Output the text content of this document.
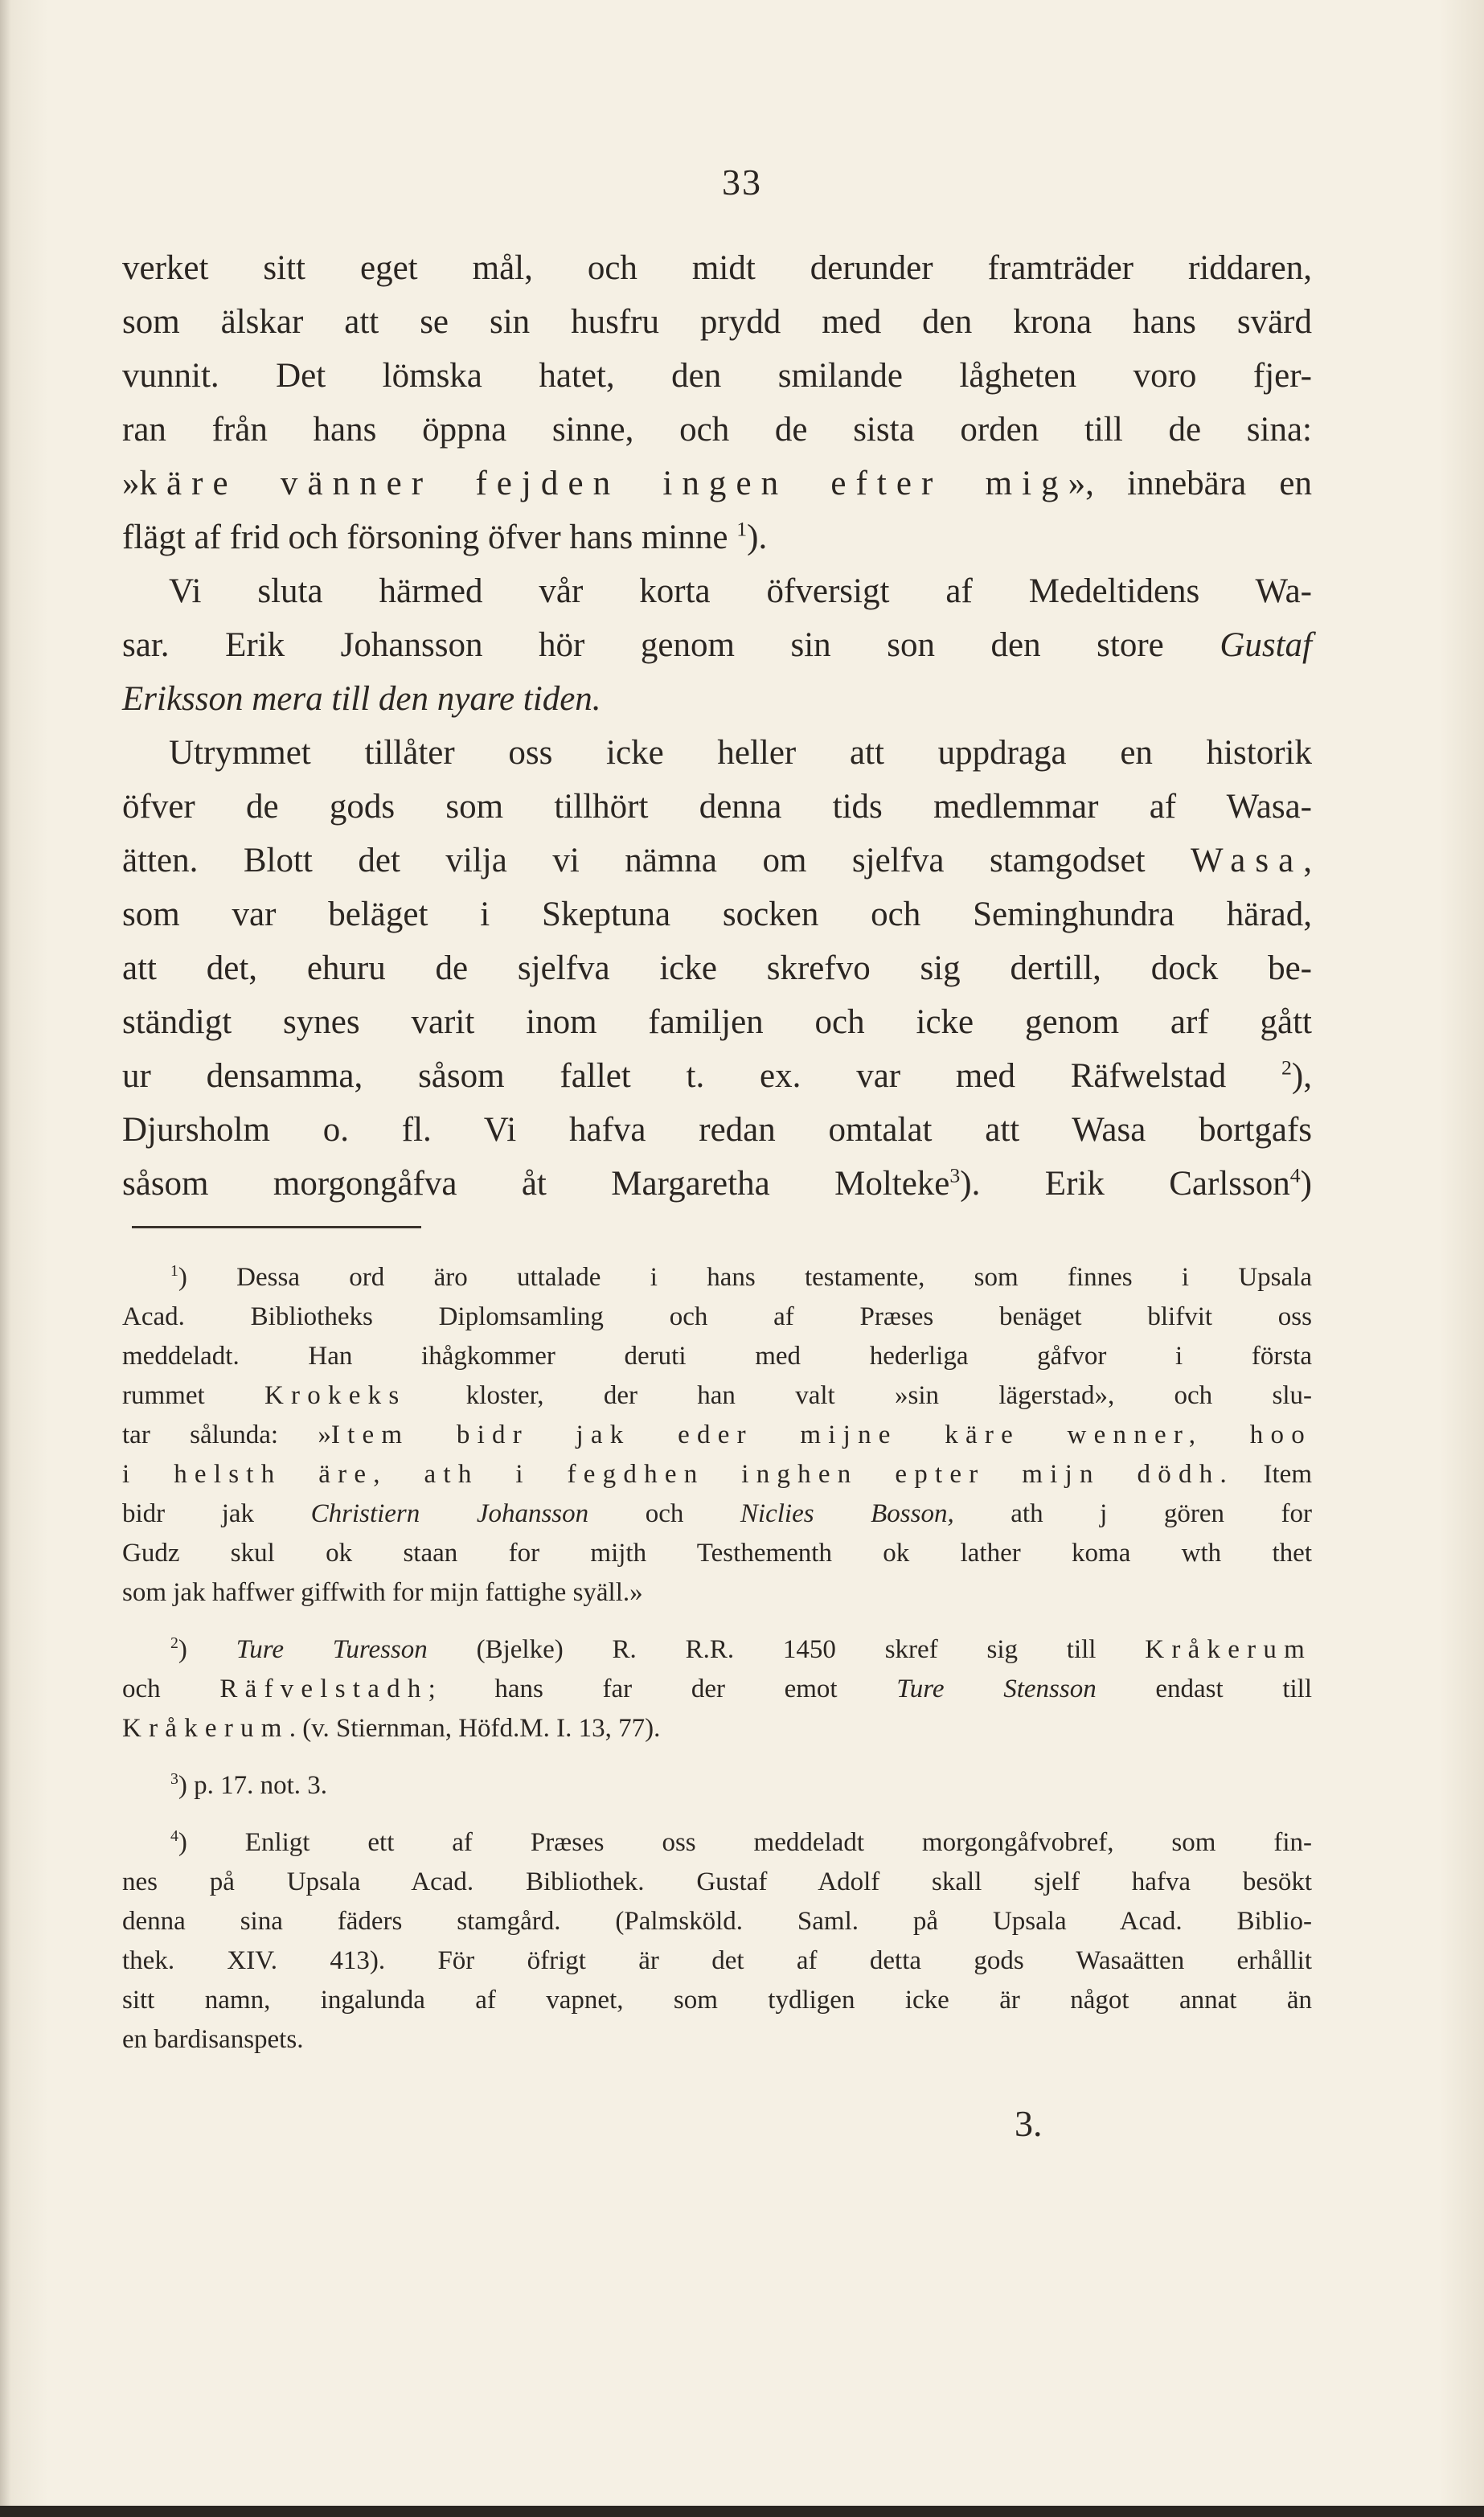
33
verket sitt eget mål, och midt derunder framträder riddaren,
som älskar att se sin husfru prydd med den krona hans svärd
vunnit. Det lömska hatet, den smilande lågheten voro fjer-
ran från hans öppna sinne, och de sista orden till de sina:
»käre vänner fejden ingen efter mig», innebära en
flägt af frid och försoning öfver hans minne $^1$).
Vi sluta härmed vår korta öfversigt af Medeltidens Wa-
sar. Erik Johansson hör genom sin son den store Gustaf
Eriksson mera till den nyare tiden.
Utrymmet tillåter oss icke heller att uppdraga en historik
öfver de gods som tillhört denna tids medlemmar af Wasa-
ätten. Blott det vilja vi nämna om sjelfva stamgodset Wasa,
som var beläget i Skeptuna socken och Seminghundra härad,
att det, ehuru de sjelfva icke skrefvo sig dertill, dock be-
ständigt synes varit inom familjen och icke genom arf gått
ur densamma, såsom fallet t. ex. var med Räfwelstad	$^2$),
Djursholm o. fl. Vi hafva redan omtalat att Wasa bortgafs
såsom morgongåfva åt Margaretha Molteke$^3$). Erik Carlsson$^4$)
$^1$) Dessa ord äro uttalade i hans testamente, som finnes i Upsala
Acad. Bibliotheks Diplomsamling och af Præses benäget blifvit oss
meddeladt. Han ihågkommer deruti med hederliga gåfvor i första
rummet Krokeks kloster, der han valt »sin lägerstad», och slu-
tar sålunda: »Item bidr jak eder mijne käre wenner, hoo
i helsth äre, ath i fegdhen inghen epter mijn dödh. Item
bidr jak Christiern Johansson och Niclies Bosson, ath j gören for
Gudz skul ok staan for mijth Testhementh ok lather koma wth thet
som jak haffwer giffwith for mijn fattighe syäll.»
$^2$) Ture Turesson (Bjelke) R. R.R. 1450 skref sig till Kråkerum
och Räfvelstadh; hans far der emot Ture Stensson endast till
Kråkerum. (v. Stiernman, Höfd.M. I. 13, 77).
$^3$) p. 17. not. 3.
$^4$) Enligt ett af Præses oss meddeladt morgongåfvobref, som fin-
nes på Upsala Acad. Bibliothek. Gustaf Adolf skall sjelf hafva besökt
denna sina fäders stamgård. (Palmsköld. Saml. på Upsala Acad. Biblio-
thek. XIV. 413). För öfrigt är det af detta gods Wasaätten erhållit
sitt namn, ingalunda af vapnet, som tydligen icke är något annat än
en bardisanspets.
3.
